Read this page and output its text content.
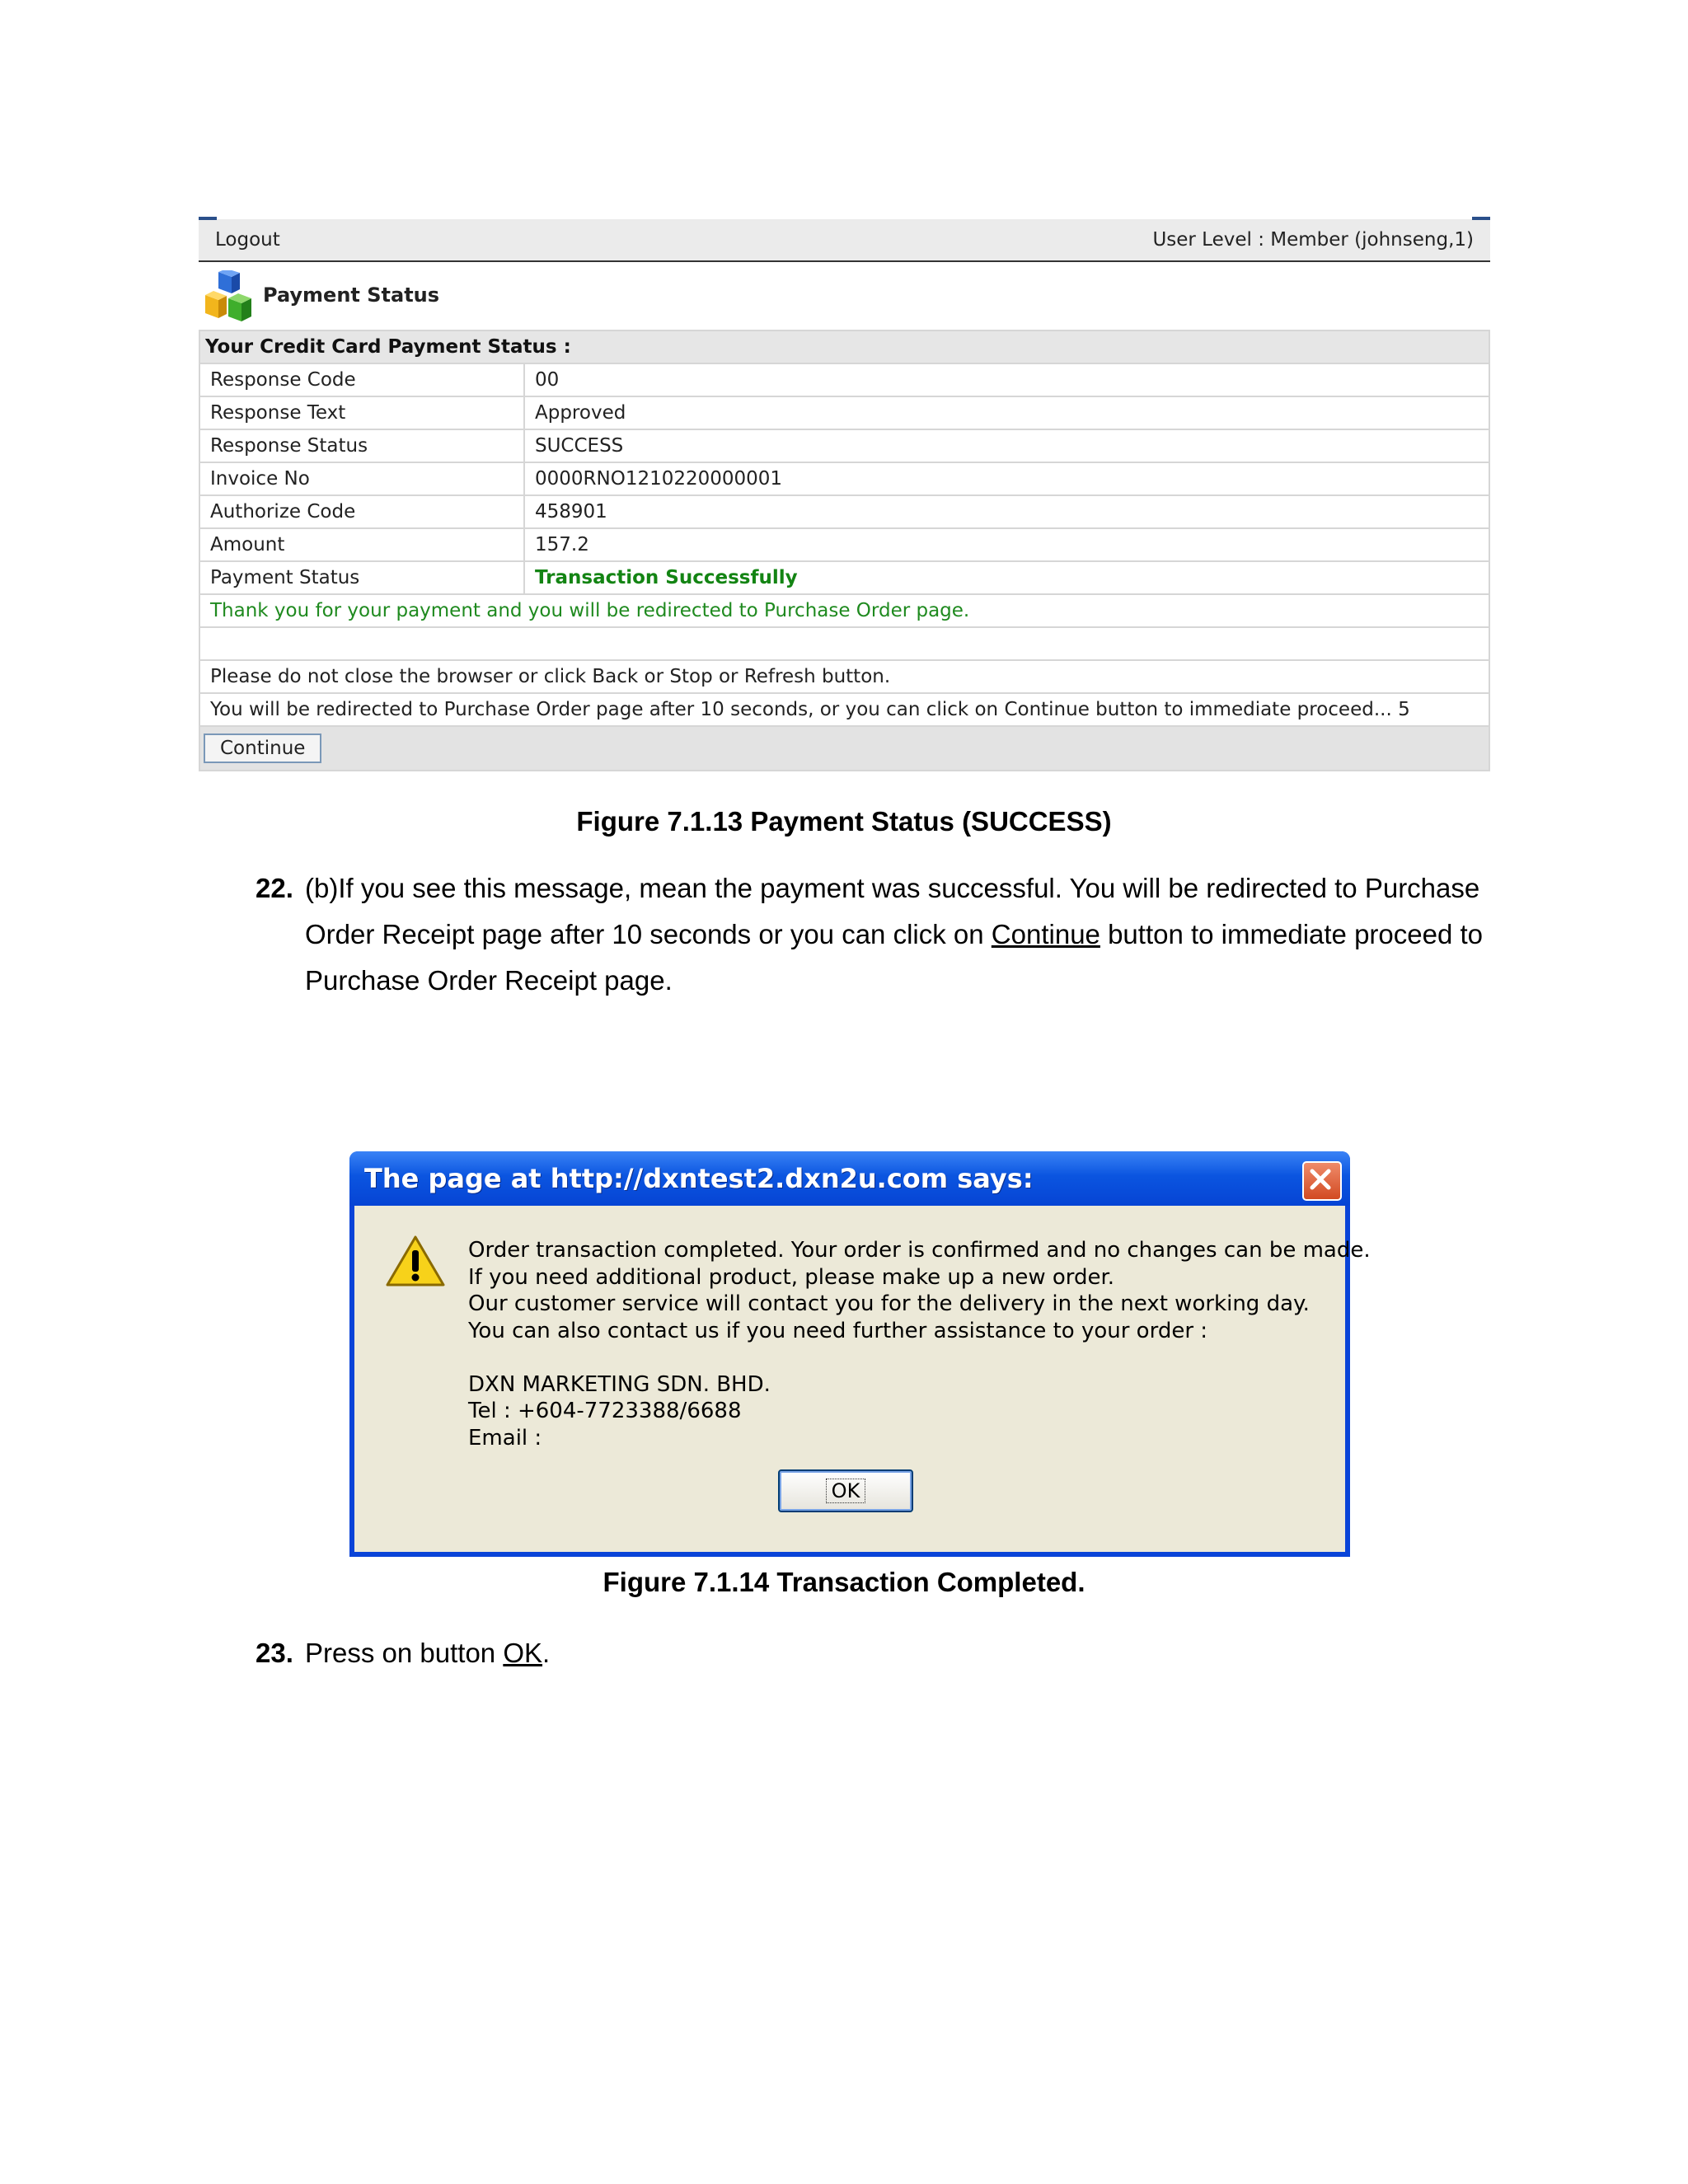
Logout	User Level : Member (johnseng,1)
Payment Status
Your Credit Card Payment Status :	
Response Code	00
Response Text	Approved
Response Status	SUCCESS
Invoice No	0000RNO1210220000001
Authorize Code	458901
Amount	157.2
Payment Status	Transaction Successfully
Thank you for your payment and you will be redirected to Purchase Order page.	

Please do not close the browser or click Back or Stop or Refresh button.	
You will be redirected to Purchase Order page after 10 seconds, or you can click on Continue button to immediate proceed... 5	
Continue	
Figure 7.1.13 Payment Status (SUCCESS)
22. (b)If you see this message, mean the payment was successful. You will be redirected to Purchase Order Receipt page after 10 seconds or you can click on Continue button to immediate proceed to Purchase Order Receipt page.
The page at http://dxntest2.dxn2u.com says:
Order transaction completed. Your order is confirmed and no changes can be made.
If you need additional product, please make up a new order.
Our customer service will contact you for the delivery in the next working day.
You can also contact us if you need further assistance to your order :

DXN MARKETING SDN. BHD.
Tel : +604-7723388/6688
Email :
OK
Figure 7.1.14 Transaction Completed.
23. Press on button OK.
